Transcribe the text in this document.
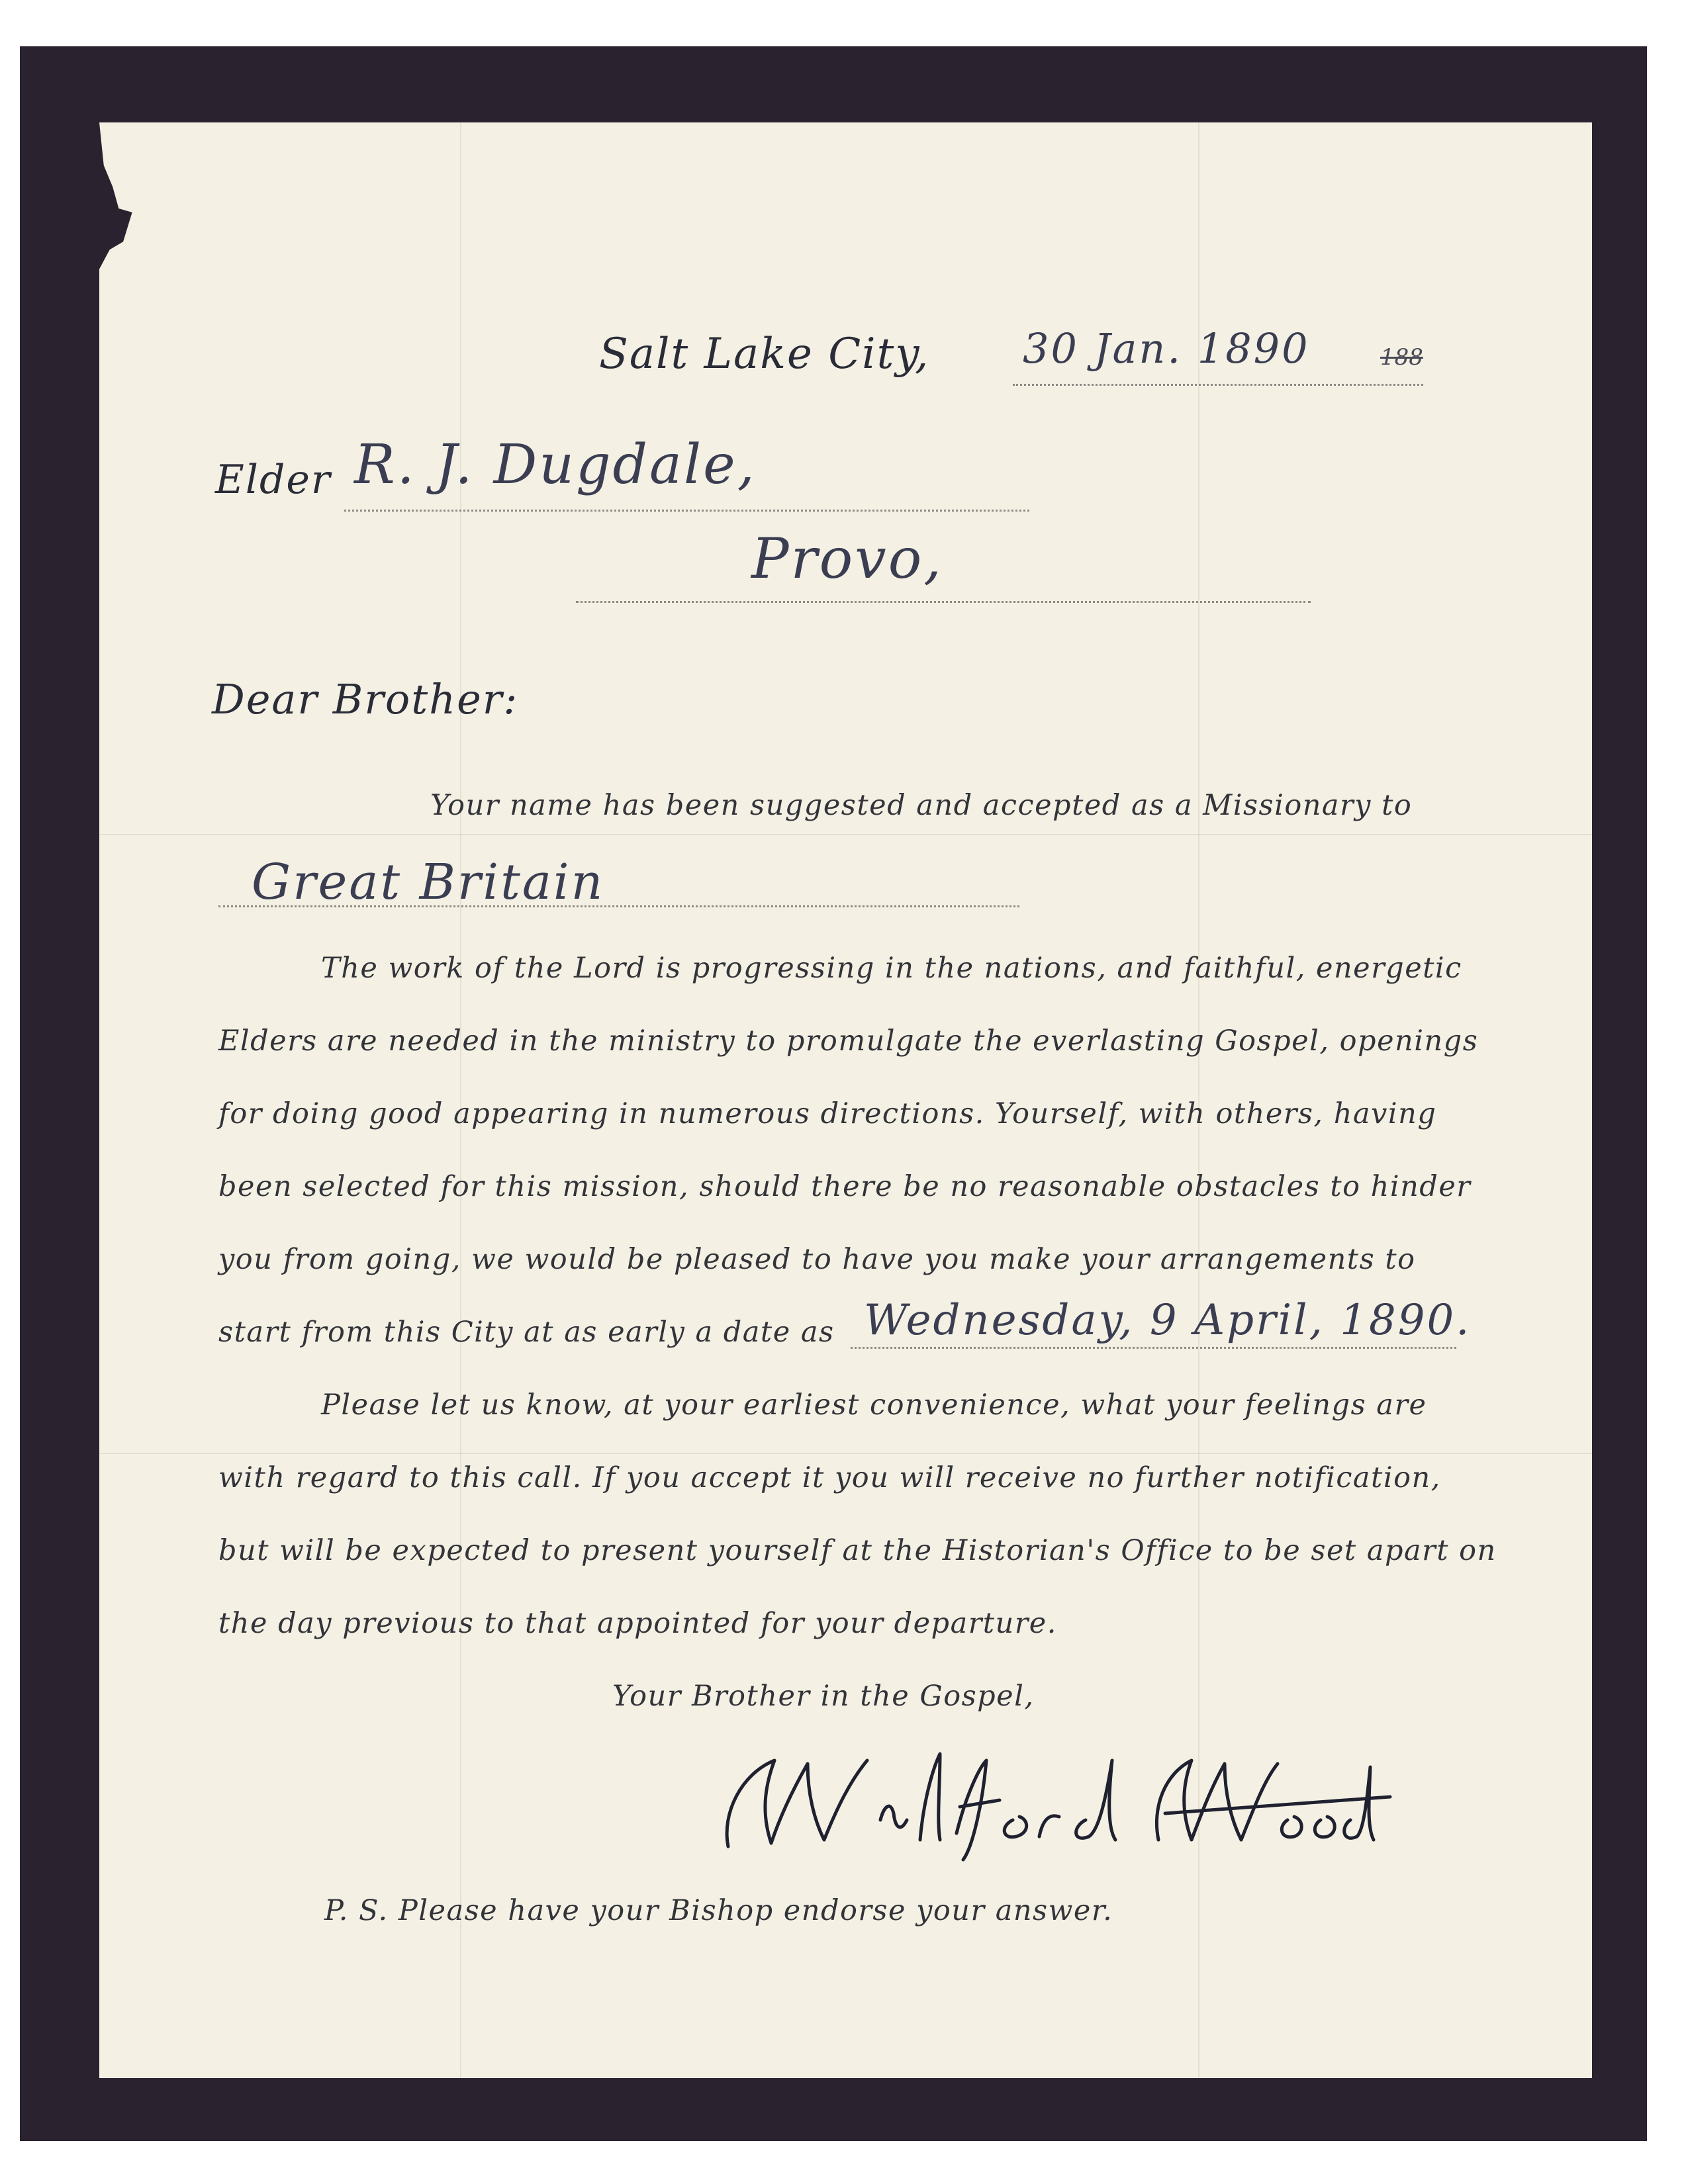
Salt Lake City, 30 Jan. 1890	188
Elder R. J. Dugdale,
Provo,
Dear Brother:
Your name has been suggested and accepted as a Missionary to
Great Britain
The work of the Lord is progressing in the nations, and faithful, energetic
Elders are needed in the ministry to promulgate the everlasting Gospel, openings
for doing good appearing in numerous directions. Yourself, with others, having
been selected for this mission, should there be no reasonable obstacles to hinder
you from going, we would be pleased to have you make your arrangements to
start from this City at as early a date as Wednesday, 9 April, 1890.
Please let us know, at your earliest convenience, what your feelings are
with regard to this call. If you accept it you will receive no further notification,
but will be expected to present yourself at the Historian's Office to be set apart on
the day previous to that appointed for your departure.
Your Brother in the Gospel,
P. S. Please have your Bishop endorse your answer.
